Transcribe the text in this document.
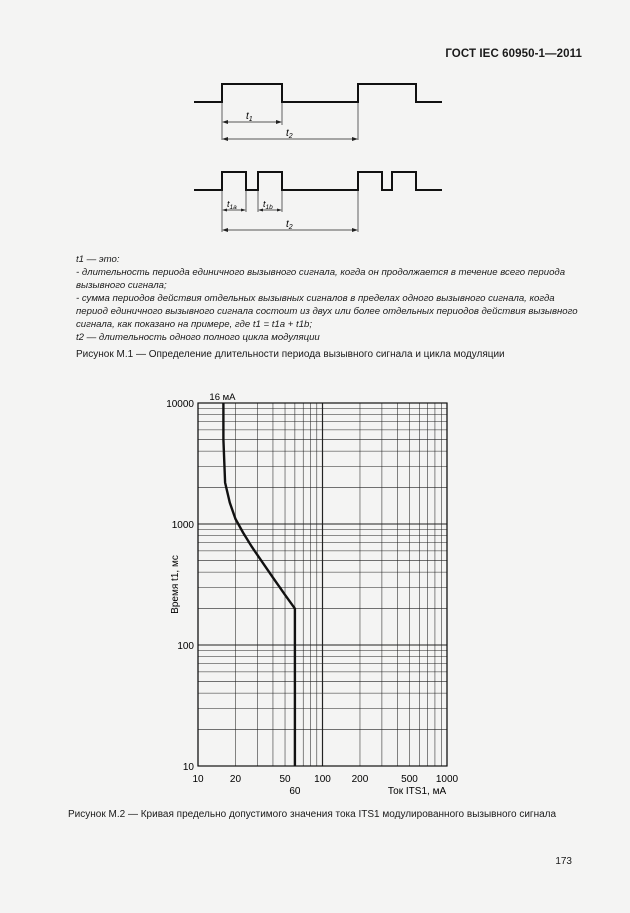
ГОСТ IEC 60950-1—2011
$t_1$
$t_2$
$t_{1a}$	$t_{1b}$
$t_2$

t1 — это:

- длительность периода единичного вызывного сигнала, когда он продолжается в течение всего периода вызывного сигнала;

- сумма периодов действия отдельных вызывных сигналов в пределах одного вызывного сигнала, когда период единичного вызывного сигнала состоит из двух или более отдельных периодов действия вызывного сигнала, как показано на примере, где t1 = t1a + t1b;

t2 — длительность одного полного цикла модуляции

Рисунок М.1 — Определение длительности периода вызывного сигнала и цикла модуляции
10	20	50 100 200	500 1000
60
10
100
1000
10000
16 мА
Время t1, мс
Ток ITS1, мА
Рисунок М.2 — Кривая предельно допустимого значения тока ITS1 модулированного вызывного сигнала
173
